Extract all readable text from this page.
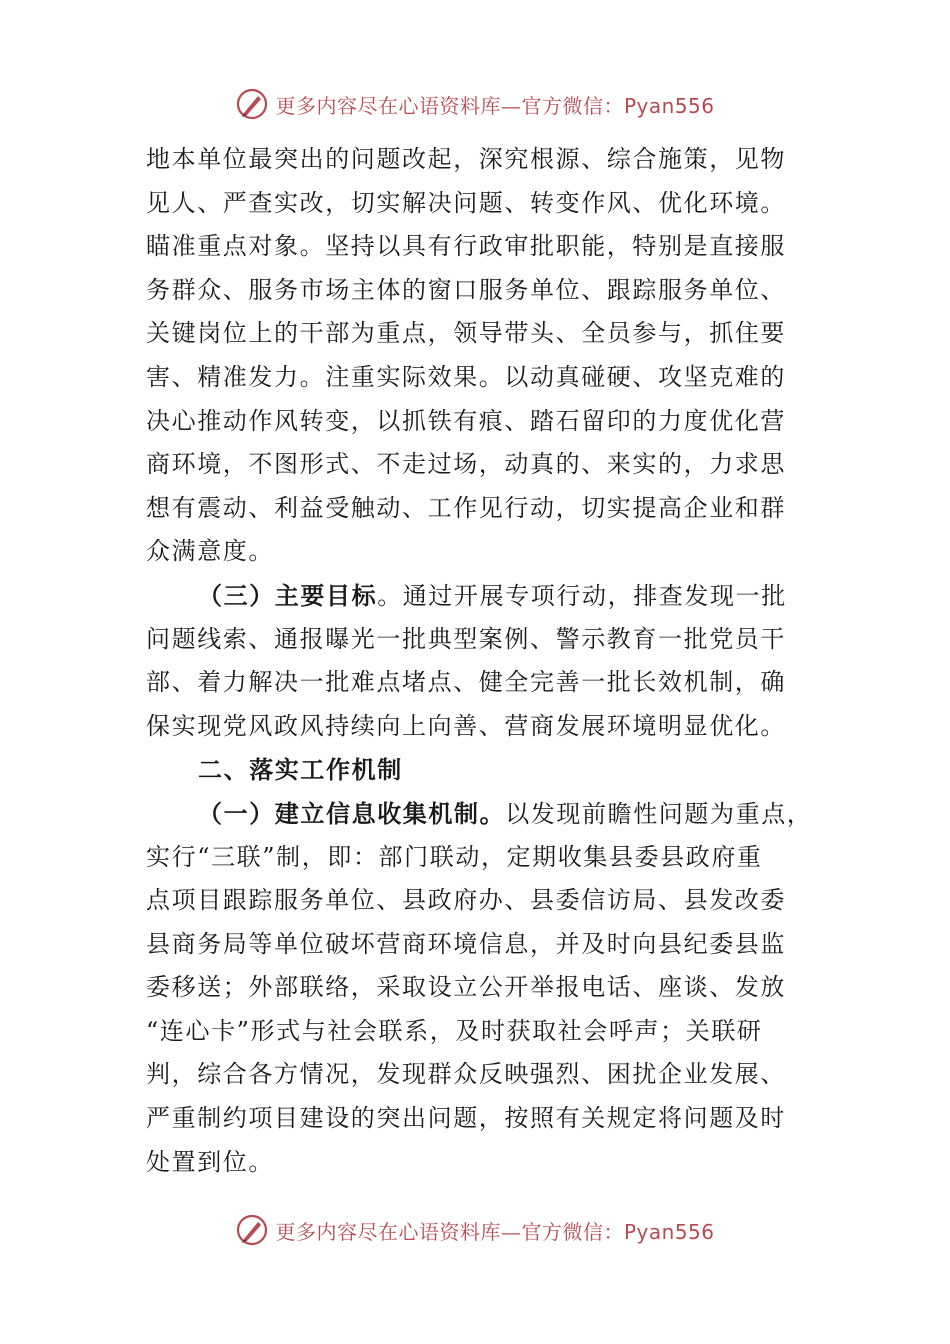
更多内容尽在心语资料库—官方微信：Pyan556
地本单位最突出的问题改起，深究根源、综合施策，见物
见人、严查实改，切实解决问题、转变作风、优化环境。
瞄准重点对象。坚持以具有行政审批职能，特别是直接服
务群众、服务市场主体的窗口服务单位、跟踪服务单位、
关键岗位上的干部为重点，领导带头、全员参与，抓住要
害、精准发力。注重实际效果。以动真碰硬、攻坚克难的
决心推动作风转变，以抓铁有痕、踏石留印的力度优化营
商环境，不图形式、不走过场，动真的、来实的，力求思
想有震动、利益受触动、工作见行动，切实提高企业和群
众满意度。
（三）主要目标。通过开展专项行动，排查发现一批
问题线索、通报曝光一批典型案例、警示教育一批党员干
部、着力解决一批难点堵点、健全完善一批长效机制，确
保实现党风政风持续向上向善、营商发展环境明显优化。
二、落实工作机制
（一）建立信息收集机制。以发现前瞻性问题为重点，
实行“三联”制，即：部门联动，定期收集县委县政府重
点项目跟踪服务单位、县政府办、县委信访局、县发改委
县商务局等单位破坏营商环境信息，并及时向县纪委县监
委移送；外部联络，采取设立公开举报电话、座谈、发放
“连心卡”形式与社会联系，及时获取社会呼声；关联研
判，综合各方情况，发现群众反映强烈、困扰企业发展、
严重制约项目建设的突出问题，按照有关规定将问题及时
处置到位。
更多内容尽在心语资料库—官方微信：Pyan556
